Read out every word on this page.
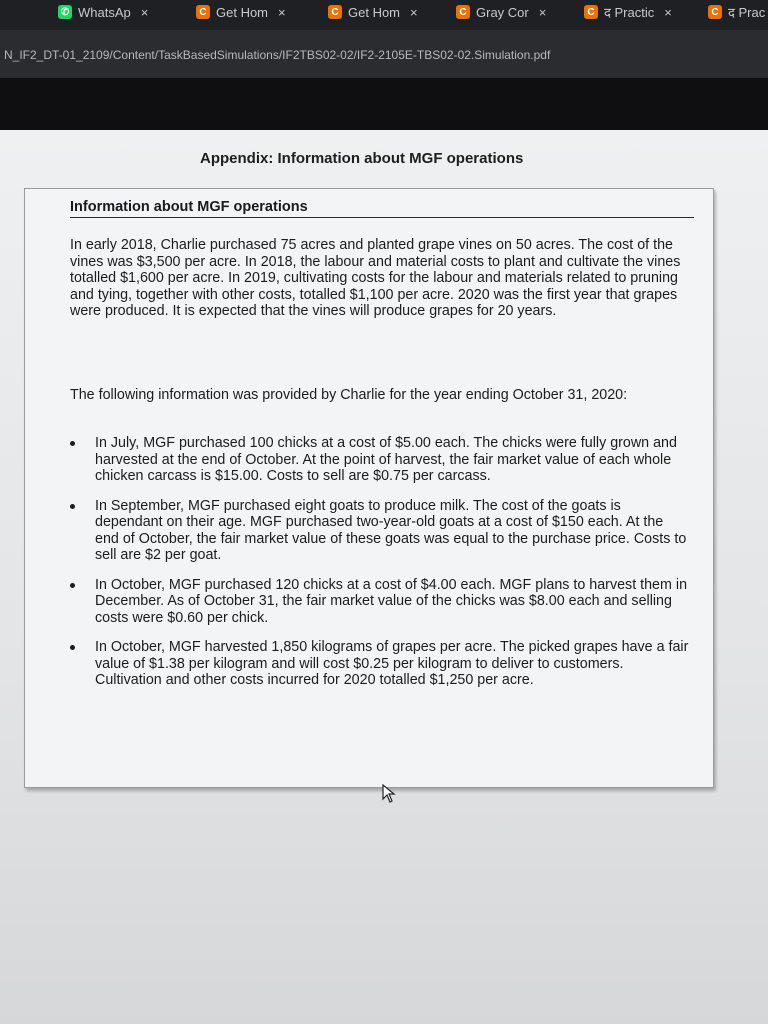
✆ WhatsAp ×	C Get Hom ×	C Get Hom ×	C Gray Cor ×	C द Practic ×	C द Prac
N_IF2_DT-01_2109/Content/TaskBasedSimulations/IF2TBS02-02/IF2-2105E-TBS02-02.Simulation.pdf
Appendix: Information about MGF operations
Information about MGF operations
In early 2018, Charlie purchased 75 acres and planted grape vines on 50 acres. The cost of the vines was $3,500 per acre. In 2018, the labour and material costs to plant and cultivate the vines totalled $1,600 per acre. In 2019, cultivating costs for the labour and materials related to pruning and tying, together with other costs, totalled $1,100 per acre. 2020 was the first year that grapes were produced. It is expected that the vines will produce grapes for 20 years.
The following information was provided by Charlie for the year ending October 31, 2020:
In July, MGF purchased 100 chicks at a cost of $5.00 each. The chicks were fully grown and harvested at the end of October. At the point of harvest, the fair market value of each whole chicken carcass is $15.00. Costs to sell are $0.75 per carcass.
In September, MGF purchased eight goats to produce milk. The cost of the goats is dependant on their age. MGF purchased two-year-old goats at a cost of $150 each. At the end of October, the fair market value of these goats was equal to the purchase price. Costs to sell are $2 per goat.
In October, MGF purchased 120 chicks at a cost of $4.00 each. MGF plans to harvest them in December. As of October 31, the fair market value of the chicks was $8.00 each and selling costs were $0.60 per chick.
In October, MGF harvested 1,850 kilograms of grapes per acre. The picked grapes have a fair value of $1.38 per kilogram and will cost $0.25 per kilogram to deliver to customers. Cultivation and other costs incurred for 2020 totalled $1,250 per acre.
